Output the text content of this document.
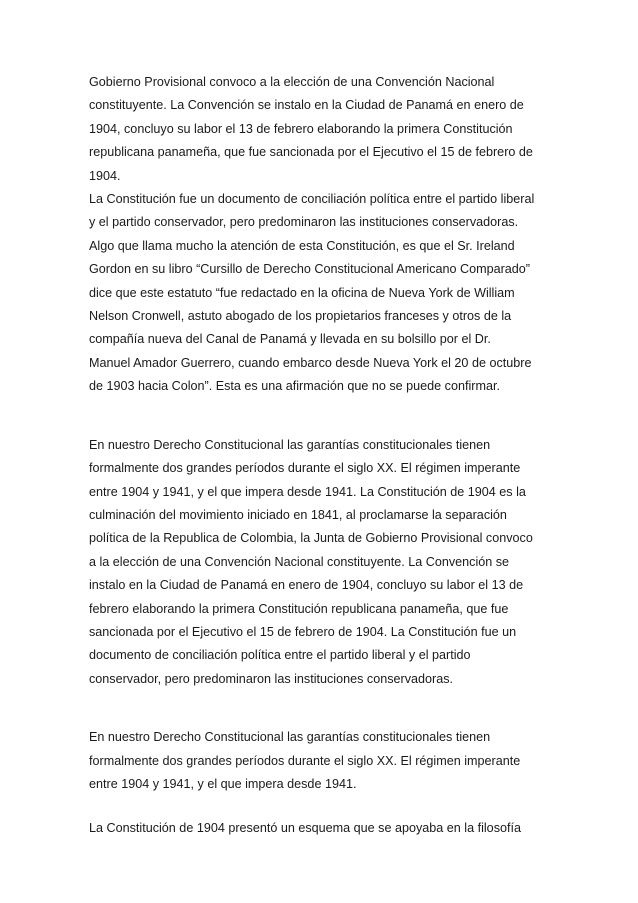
Gobierno Provisional convoco a la elección de una Convención Nacional
constituyente. La Convención se instalo en la Ciudad de Panamá en enero de
1904, concluyo su labor el 13 de febrero elaborando la primera Constitución
republicana panameña, que fue sancionada por el Ejecutivo el 15 de febrero de
1904.
La Constitución fue un documento de conciliación política entre el partido liberal
y el partido conservador, pero predominaron las instituciones conservadoras.
Algo que llama mucho la atención de esta Constitución, es que el Sr. Ireland
Gordon en su libro “Cursillo de Derecho Constitucional Americano Comparado”
dice que este estatuto “fue redactado en la oficina de Nueva York de William
Nelson Cronwell, astuto abogado de los propietarios franceses y otros de la
compañía nueva del Canal de Panamá y llevada en su bolsillo por el Dr.
Manuel Amador Guerrero, cuando embarco desde Nueva York el 20 de octubre
de 1903 hacia Colon”. Esta es una afirmación que no se puede confirmar.
En nuestro Derecho Constitucional las garantías constitucionales tienen
formalmente dos grandes períodos durante el siglo XX. El régimen imperante
entre 1904 y 1941, y el que impera desde 1941. La Constitución de 1904 es la
culminación del movimiento iniciado en 1841, al proclamarse la separación
política de la Republica de Colombia, la Junta de Gobierno Provisional convoco
a la elección de una Convención Nacional constituyente. La Convención se
instalo en la Ciudad de Panamá en enero de 1904, concluyo su labor el 13 de
febrero elaborando la primera Constitución republicana panameña, que fue
sancionada por el Ejecutivo el 15 de febrero de 1904. La Constitución fue un
documento de conciliación política entre el partido liberal y el partido
conservador, pero predominaron las instituciones conservadoras.
En nuestro Derecho Constitucional las garantías constitucionales tienen
formalmente dos grandes períodos durante el siglo XX. El régimen imperante
entre 1904 y 1941, y el que impera desde 1941.
La Constitución de 1904 presentó un esquema que se apoyaba en la filosofía
